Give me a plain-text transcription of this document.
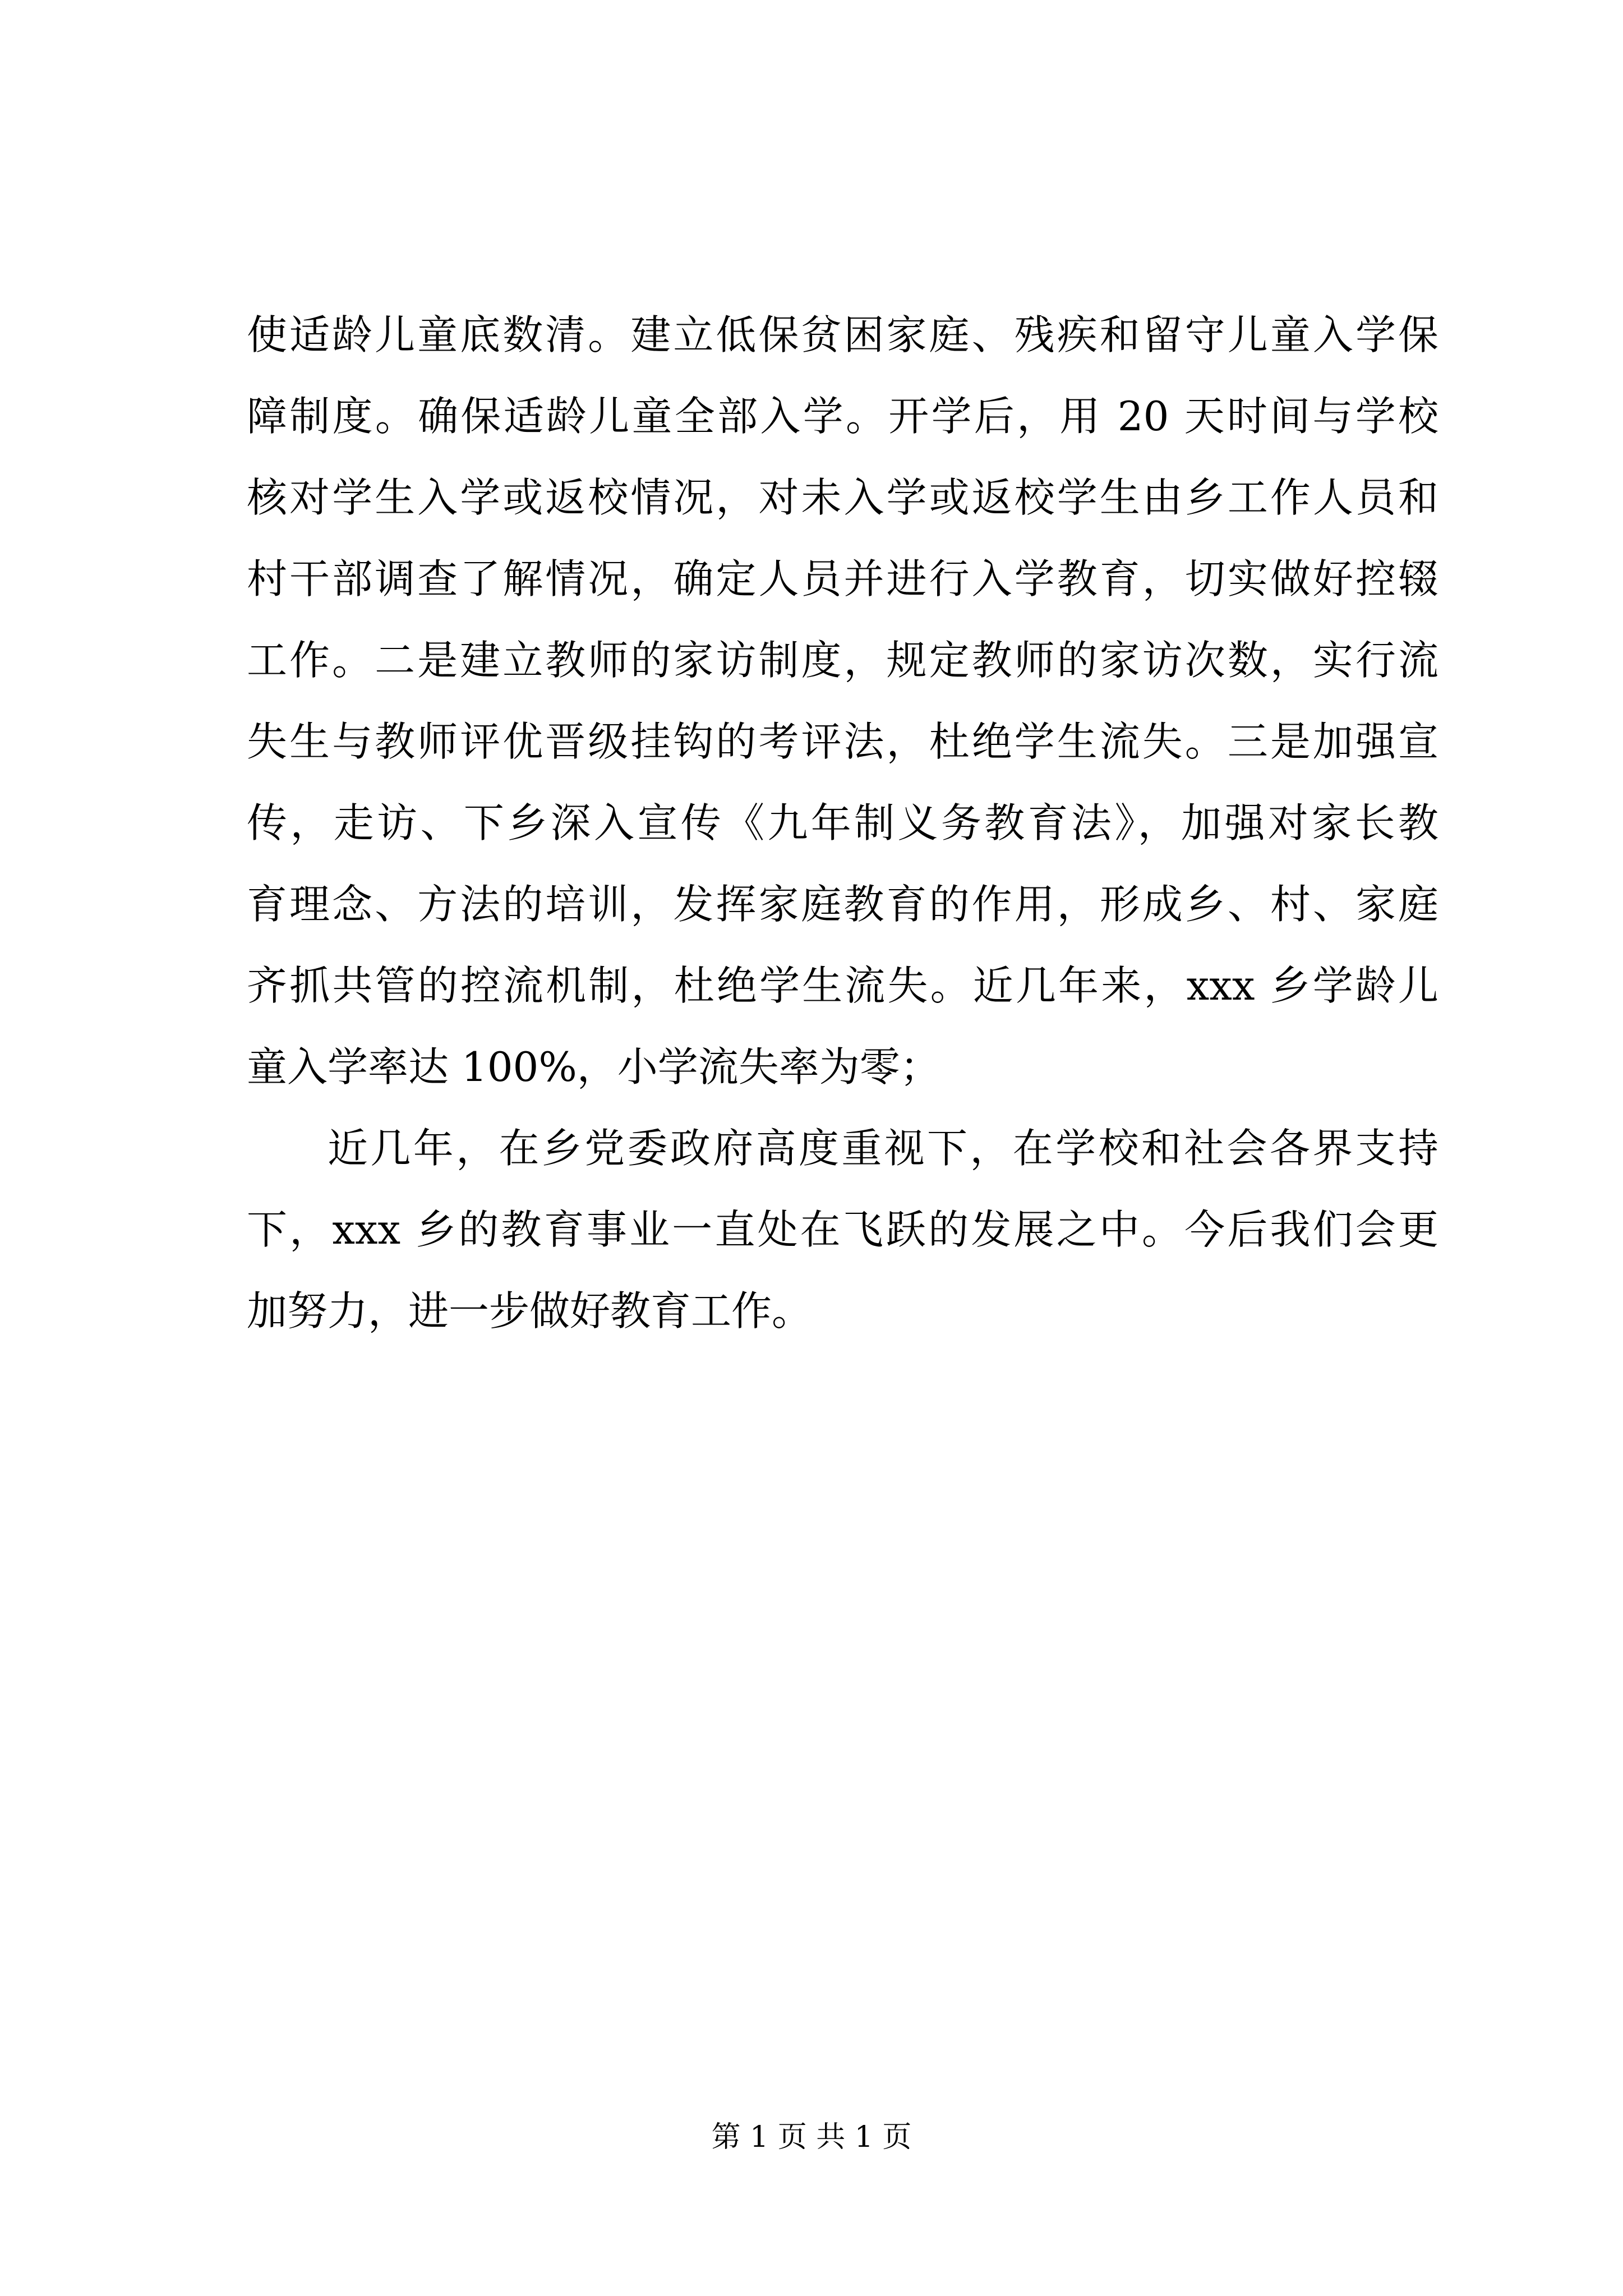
使适龄儿童底数清。建立低保贫困家庭、残疾和留守儿童入学保
障制度。确保适龄儿童全部入学。开学后，用 20 天时间与学校
核对学生入学或返校情况，对未入学或返校学生由乡工作人员和
村干部调查了解情况，确定人员并进行入学教育，切实做好控辍
工作。二是建立教师的家访制度，规定教师的家访次数，实行流
失生与教师评优晋级挂钩的考评法，杜绝学生流失。三是加强宣
传，走访、下乡深入宣传《九年制义务教育法》，加强对家长教
育理念、方法的培训，发挥家庭教育的作用，形成乡、村、家庭
齐抓共管的控流机制，杜绝学生流失。近几年来，xxx 乡学龄儿
童入学率达 100%，小学流失率为零；
近几年，在乡党委政府高度重视下，在学校和社会各界支持
下，xxx 乡的教育事业一直处在飞跃的发展之中。今后我们会更
加努力，进一步做好教育工作。
第 1 页 共 1 页
